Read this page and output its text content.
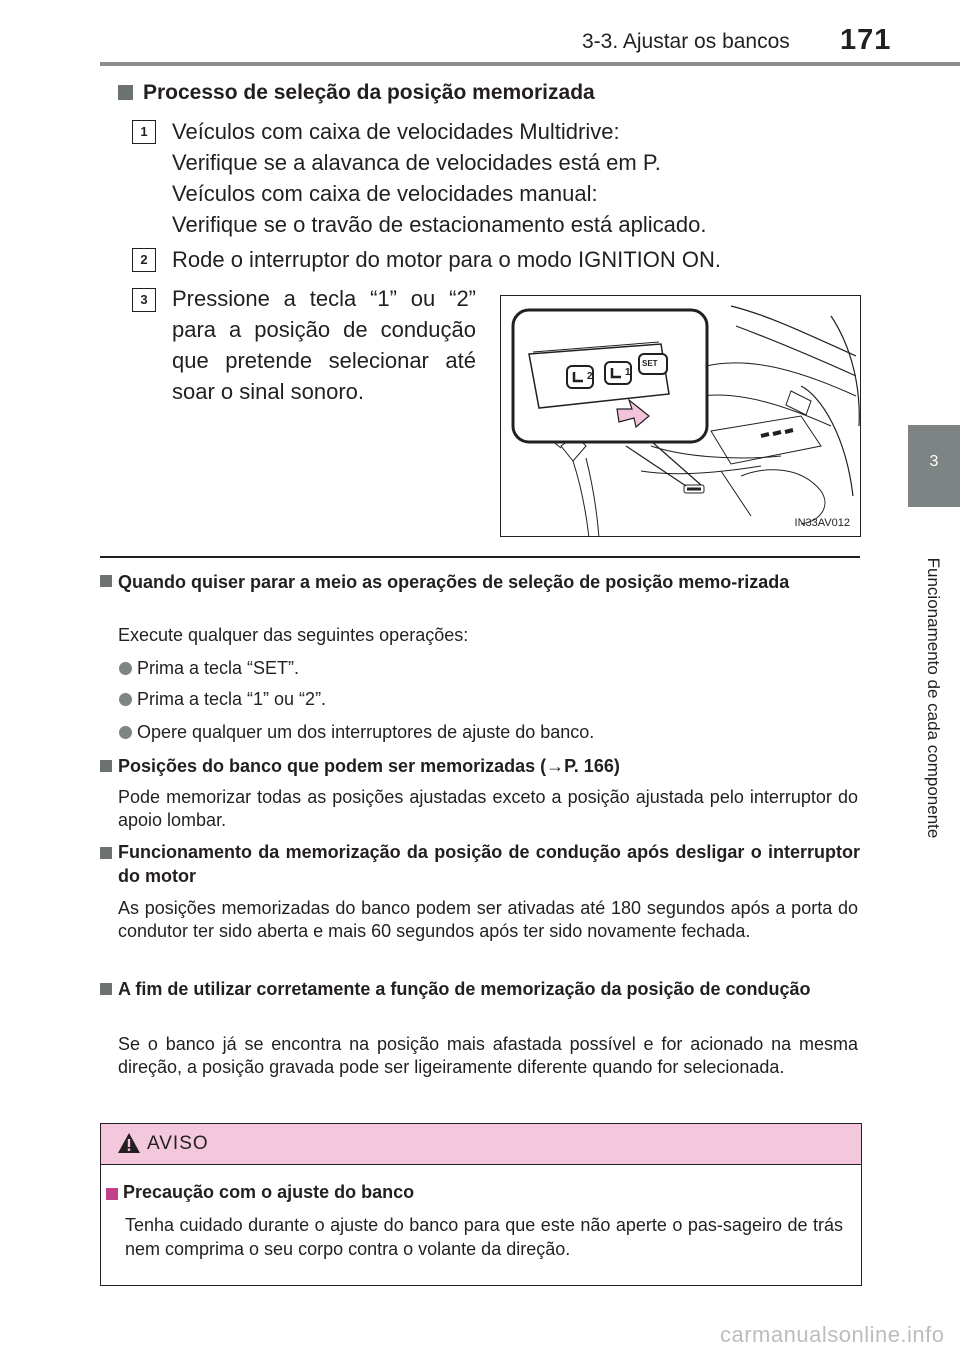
3-3. Ajustar os bancos 171
3
Funcionamento de cada componente
Processo de seleção da posição memorizada
1	Veículos com caixa de velocidades Multidrive:
Verifique se a alavanca de velocidades está em P.
Veículos com caixa de velocidades manual:
Verifique se o travão de estacionamento está aplicado.
2	Rode o interruptor do motor para o modo IGNITION ON.
3	Pressione a tecla “1” ou “2” para a posição de condução que pretende selecionar até soar o sinal sonoro.
2	1
SET
IN33AV012
Quando quiser parar a meio as operações de seleção de posição memo-rizada
Execute qualquer das seguintes operações:
Prima a tecla “SET”.
Prima a tecla “1” ou “2”.
Opere qualquer um dos interruptores de ajuste do banco.
Posições do banco que podem ser memorizadas (→P. 166)
Pode memorizar todas as posições ajustadas exceto a posição ajustada pelo interruptor do apoio lombar.
Funcionamento da memorização da posição de condução após desligar o interruptor do motor
As posições memorizadas do banco podem ser ativadas até 180 segundos após a porta do condutor ter sido aberta e mais 60 segundos após ter sido novamente fechada.
A fim de utilizar corretamente a função de memorização da posição de condução
Se o banco já se encontra na posição mais afastada possível e for acionado na mesma direção, a posição gravada pode ser ligeiramente diferente quando for selecionada.
AVISO
Precaução com o ajuste do banco
Tenha cuidado durante o ajuste do banco para que este não aperte o pas-sageiro de trás nem comprima o seu corpo contra o volante da direção.
carmanualsonline.info
